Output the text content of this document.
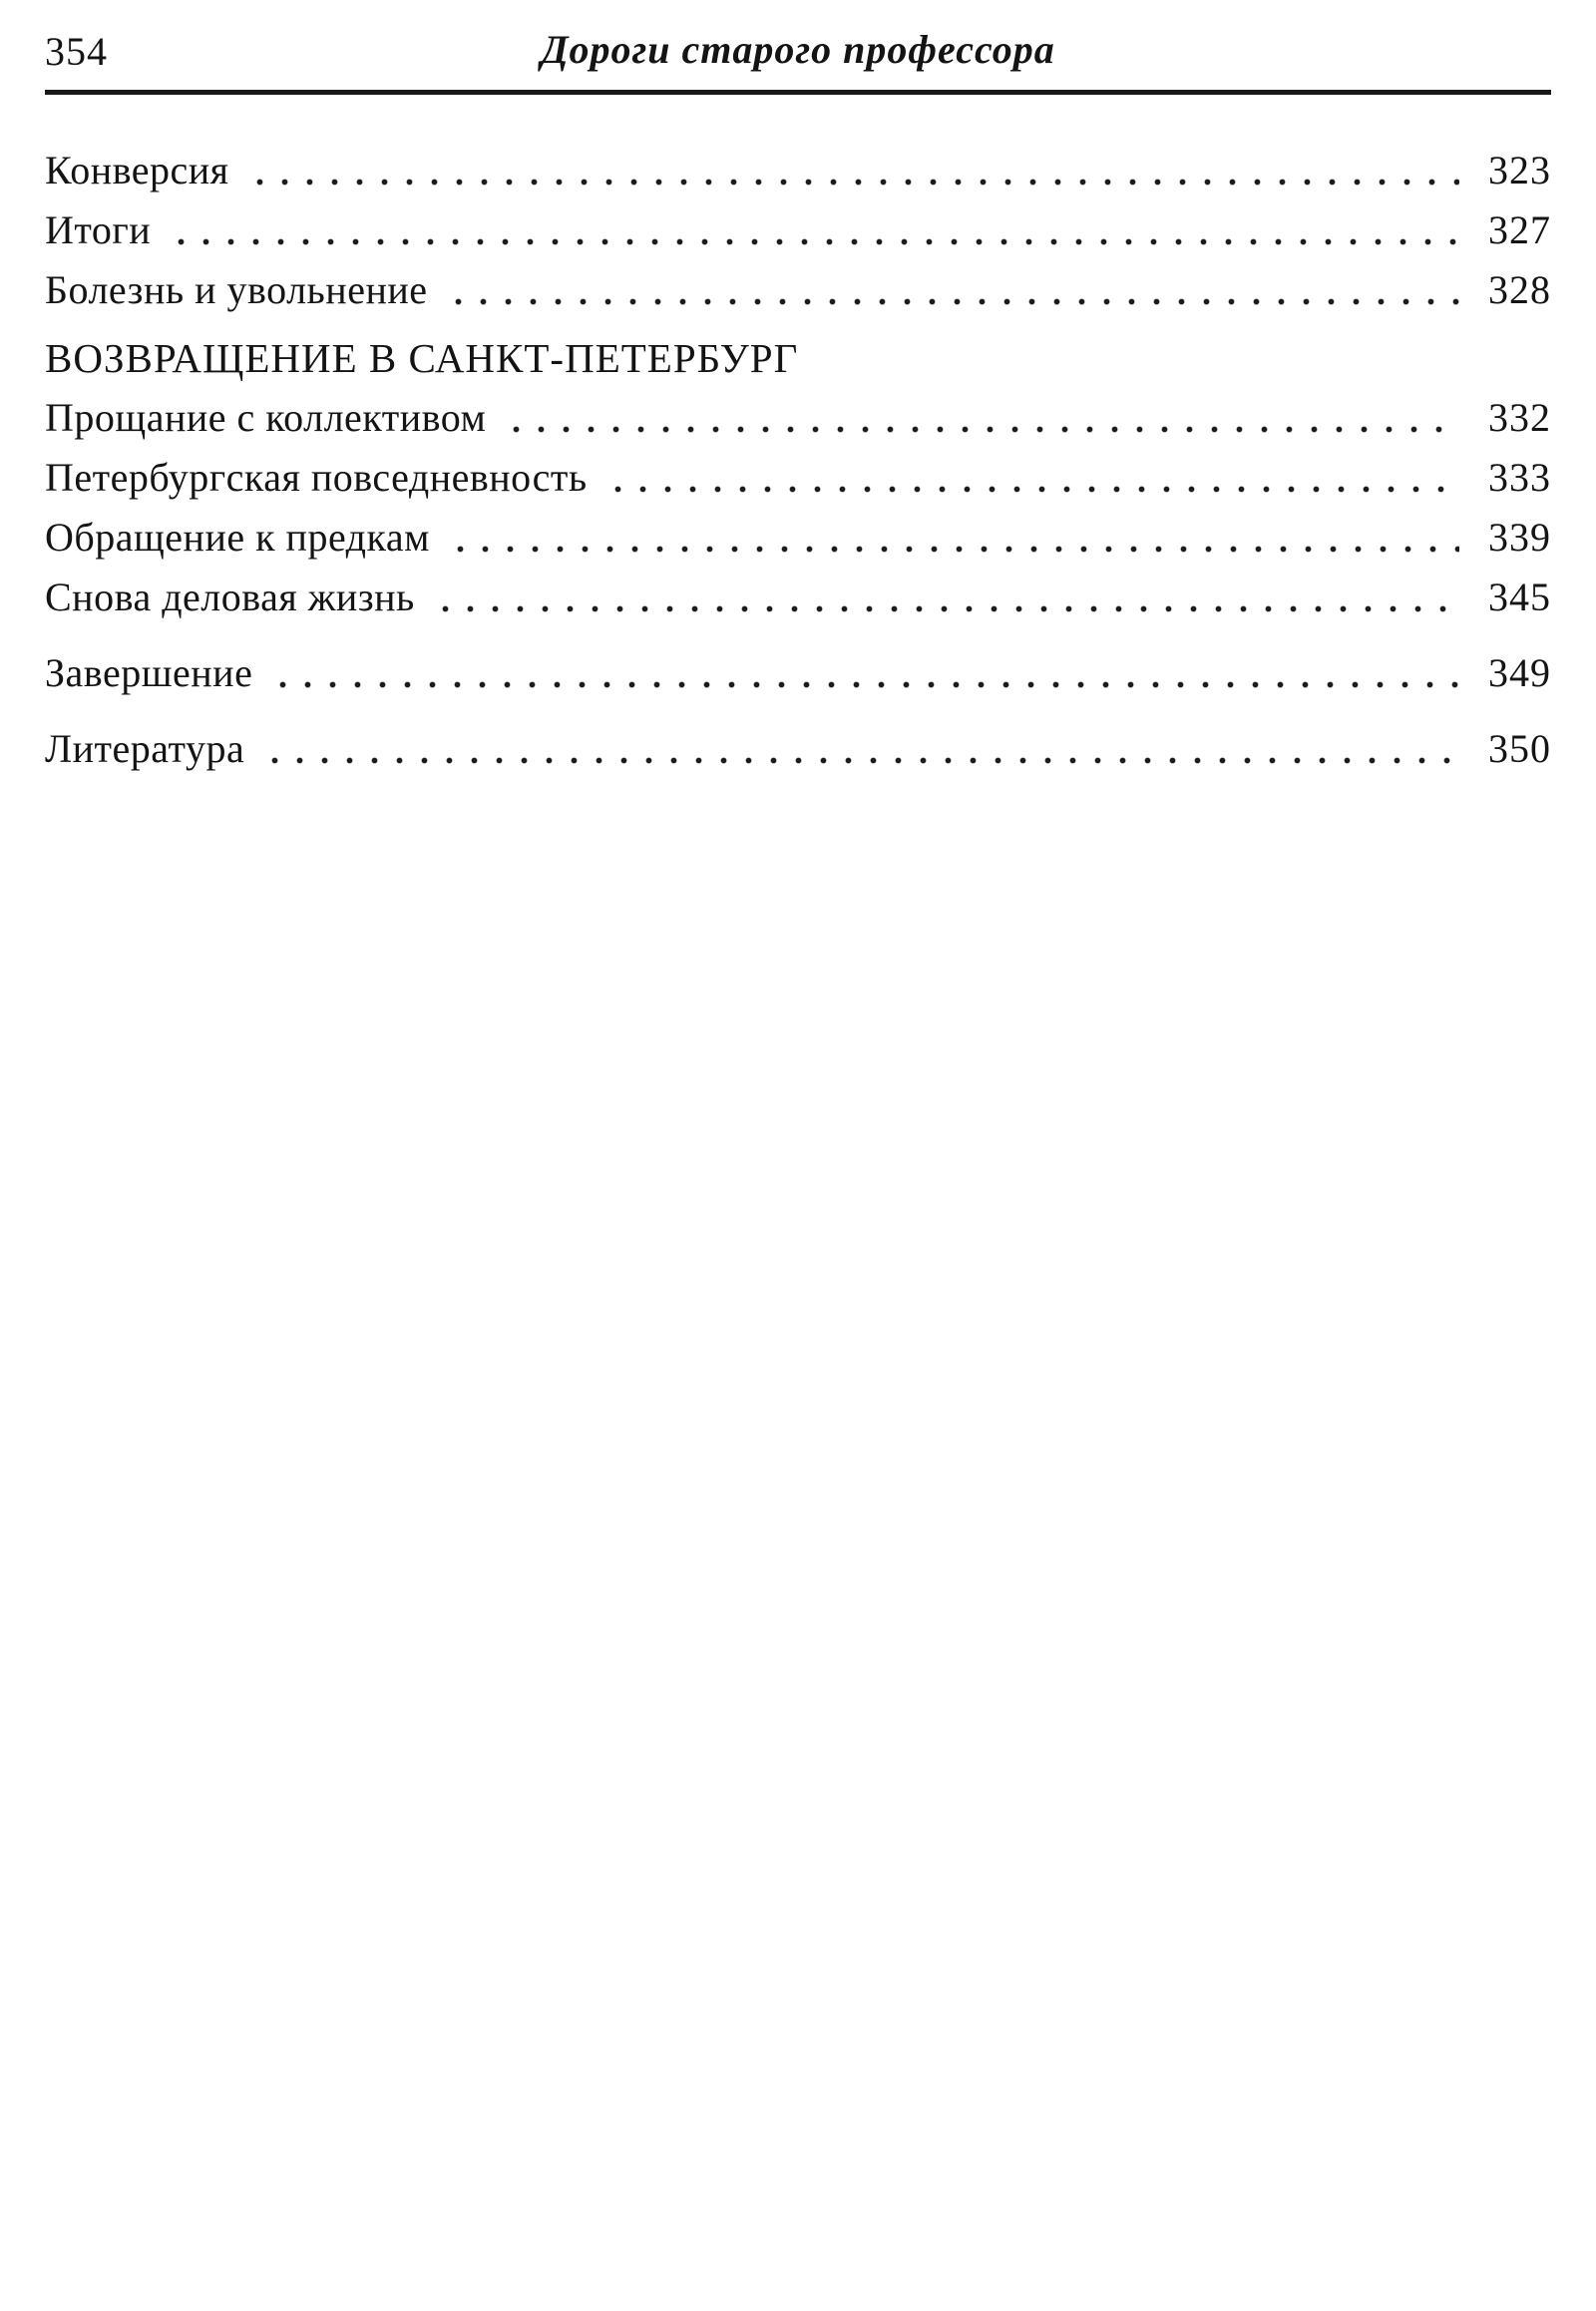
354	Дороги старого профессора
Конверсия	323
Итоги	327
Болезнь и увольнение	328
ВОЗВРАЩЕНИЕ В САНКТ-ПЕТЕРБУРГ
Прощание с коллективом	332
Петербургская повседневность	333
Обращение к предкам	339
Снова деловая жизнь	345
Завершение	349
Литература	350
